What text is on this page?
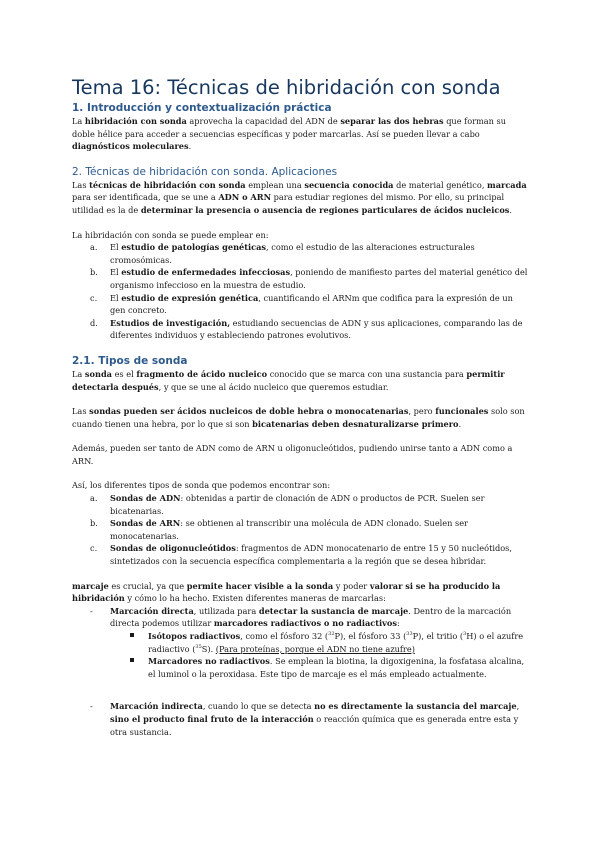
Tema 16: Técnicas de hibridación con sonda
1. Introducción y contextualización práctica

La hibridación con sonda aprovecha la capacidad del ADN de separar las dos hebras que forman su doble hélice para acceder a secuencias específicas y poder marcarlas. Así se pueden llevar a cabo diagnósticos moleculares.

2. Técnicas de hibridación con sonda. Aplicaciones

Las técnicas de hibridación con sonda emplean una secuencia conocida de material genético, marcada para ser identificada, que se une a ADN o ARN para estudiar regiones del mismo. Por ello, su principal utilidad es la de determinar la presencia o ausencia de regiones particulares de ácidos nucleicos.

La hibridación con sonda se puede emplear en:

a. El estudio de patologías genéticas, como el estudio de las alteraciones estructurales cromosómicas.
b. El estudio de enfermedades infecciosas, poniendo de manifiesto partes del material genético del organismo infeccioso en la muestra de estudio.
c. El estudio de expresión genética, cuantificando el ARNm que codifica para la expresión de un gen concreto.
d. Estudios de investigación, estudiando secuencias de ADN y sus aplicaciones, comparando las de diferentes individuos y estableciendo patrones evolutivos.
2.1. Tipos de sonda

La sonda es el fragmento de ácido nucleico conocido que se marca con una sustancia para permitir detectarla después, y que se une al ácido nucleico que queremos estudiar.

Las sondas pueden ser ácidos nucleicos de doble hebra o monocatenarias, pero funcionales solo son cuando tienen una hebra, por lo que si son bicatenarias deben desnaturalizarse primero.

Además, pueden ser tanto de ADN como de ARN u oligonucleótidos, pudiendo unirse tanto a ADN como a ARN.

Así, los diferentes tipos de sonda que podemos encontrar son:

a. Sondas de ADN: obtenidas a partir de clonación de ADN o productos de PCR. Suelen ser bicatenarias.
b. Sondas de ARN: se obtienen al transcribir una molécula de ADN clonado. Suelen ser monocatenarias.
c. Sondas de oligonucleótidos: fragmentos de ADN monocatenario de entre 15 y 50 nucleótidos, sintetizados con la secuencia específica complementaria a la región que se desea hibridar.

marcaje es crucial, ya que permite hacer visible a la sonda y poder valorar si se ha producido la hibridación y cómo lo ha hecho. Existen diferentes maneras de marcarlas:

- Marcación directa, utilizada para detectar la sustancia de marcaje. Dentro de la marcación directa podemos utilizar marcadores radiactivos o no radiactivos:
Isótopos radiactivos, como el fósforo 32 ($^{32}$P), el fósforo 33 ($^{33}$P), el tritio ($^3$H) o el azufre radiactivo ($^{35}$S). (Para proteínas, porque el ADN no tiene azufre)
Marcadores no radiactivos. Se emplean la biotina, la digoxigenina, la fosfatasa alcalina, el luminol o la peroxidasa. Este tipo de marcaje es el más empleado actualmente.
- Marcación indirecta, cuando lo que se detecta no es directamente la sustancia del marcaje, sino el producto final fruto de la interacción o reacción química que es generada entre esta y otra sustancia.
